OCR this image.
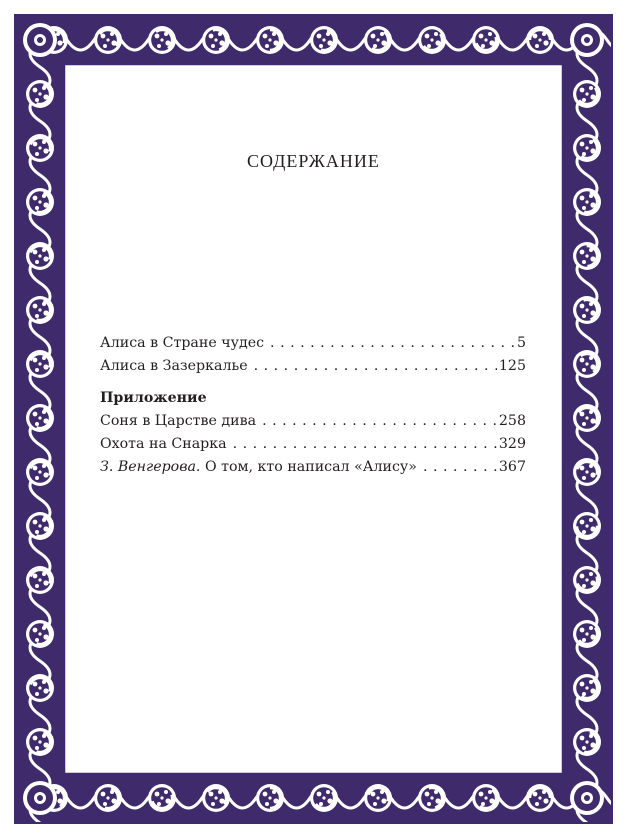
содержание
Алиса в Стране чудес . . .	5
Алиса в Зазеркалье . . .	125
Приложение
Соня в Царстве дива . . .	258
Охота на Снарка . . .	329
З. Венгерова. О том, кто написал «Алису» . . .	367
